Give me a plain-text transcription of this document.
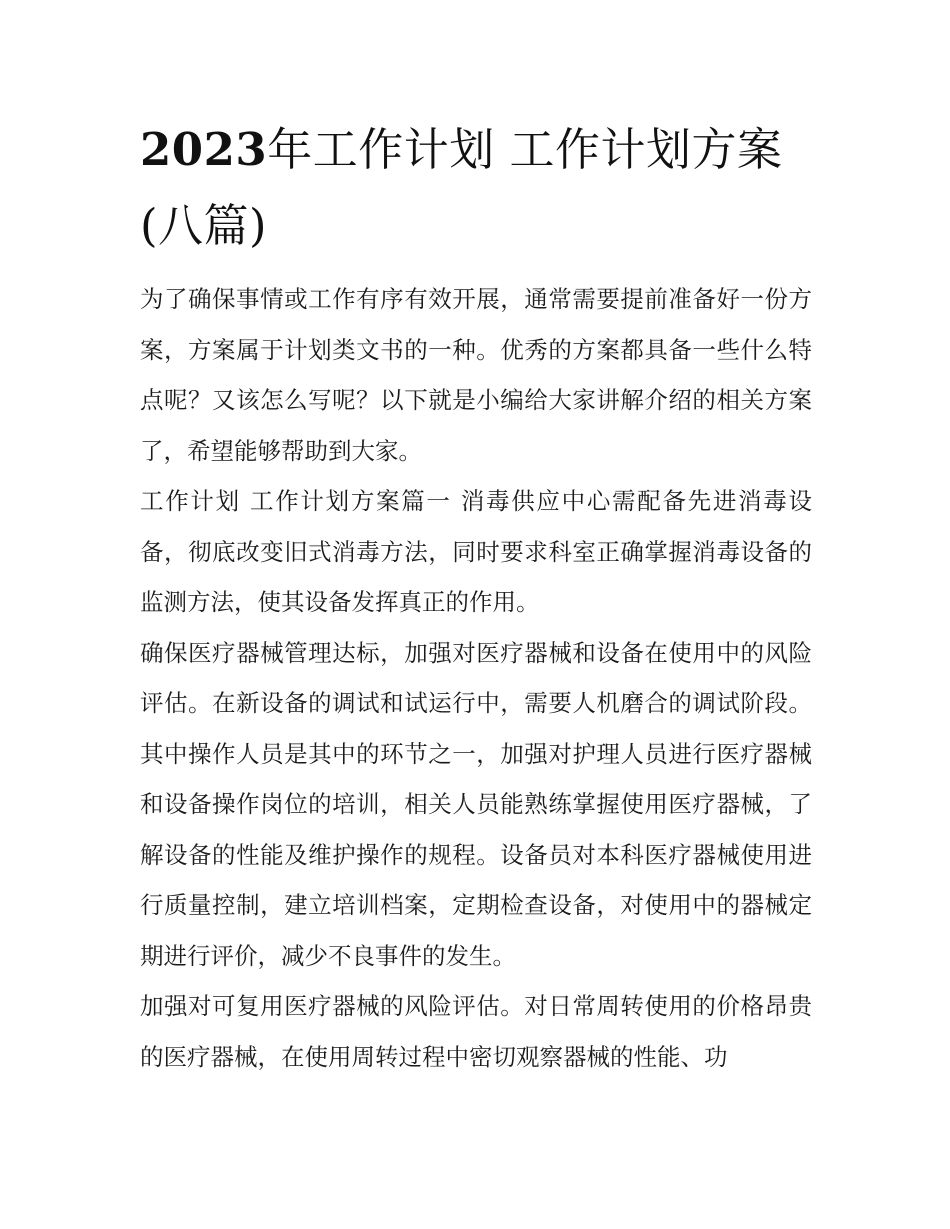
2023年工作计划 工作计划方案(八篇)

为了确保事情或工作有序有效开展，通常需要提前准备好一份方案，方案属于计划类文书的一种。优秀的方案都具备一些什么特点呢？又该怎么写呢？以下就是小编给大家讲解介绍的相关方案了，希望能够帮助到大家。

工作计划 工作计划方案篇一 消毒供应中心需配备先进消毒设备，彻底改变旧式消毒方法，同时要求科室正确掌握消毒设备的监测方法，使其设备发挥真正的作用。

确保医疗器械管理达标，加强对医疗器械和设备在使用中的风险评估。在新设备的调试和试运行中，需要人机磨合的调试阶段。其中操作人员是其中的环节之一，加强对护理人员进行医疗器械和设备操作岗位的培训，相关人员能熟练掌握使用医疗器械，了解设备的性能及维护操作的规程。设备员对本科医疗器械使用进行质量控制，建立培训档案，定期检查设备，对使用中的器械定期进行评价，减少不良事件的发生。

加强对可复用医疗器械的风险评估。对日常周转使用的价格昂贵的医疗器械，在使用周转过程中密切观察器械的性能、功
